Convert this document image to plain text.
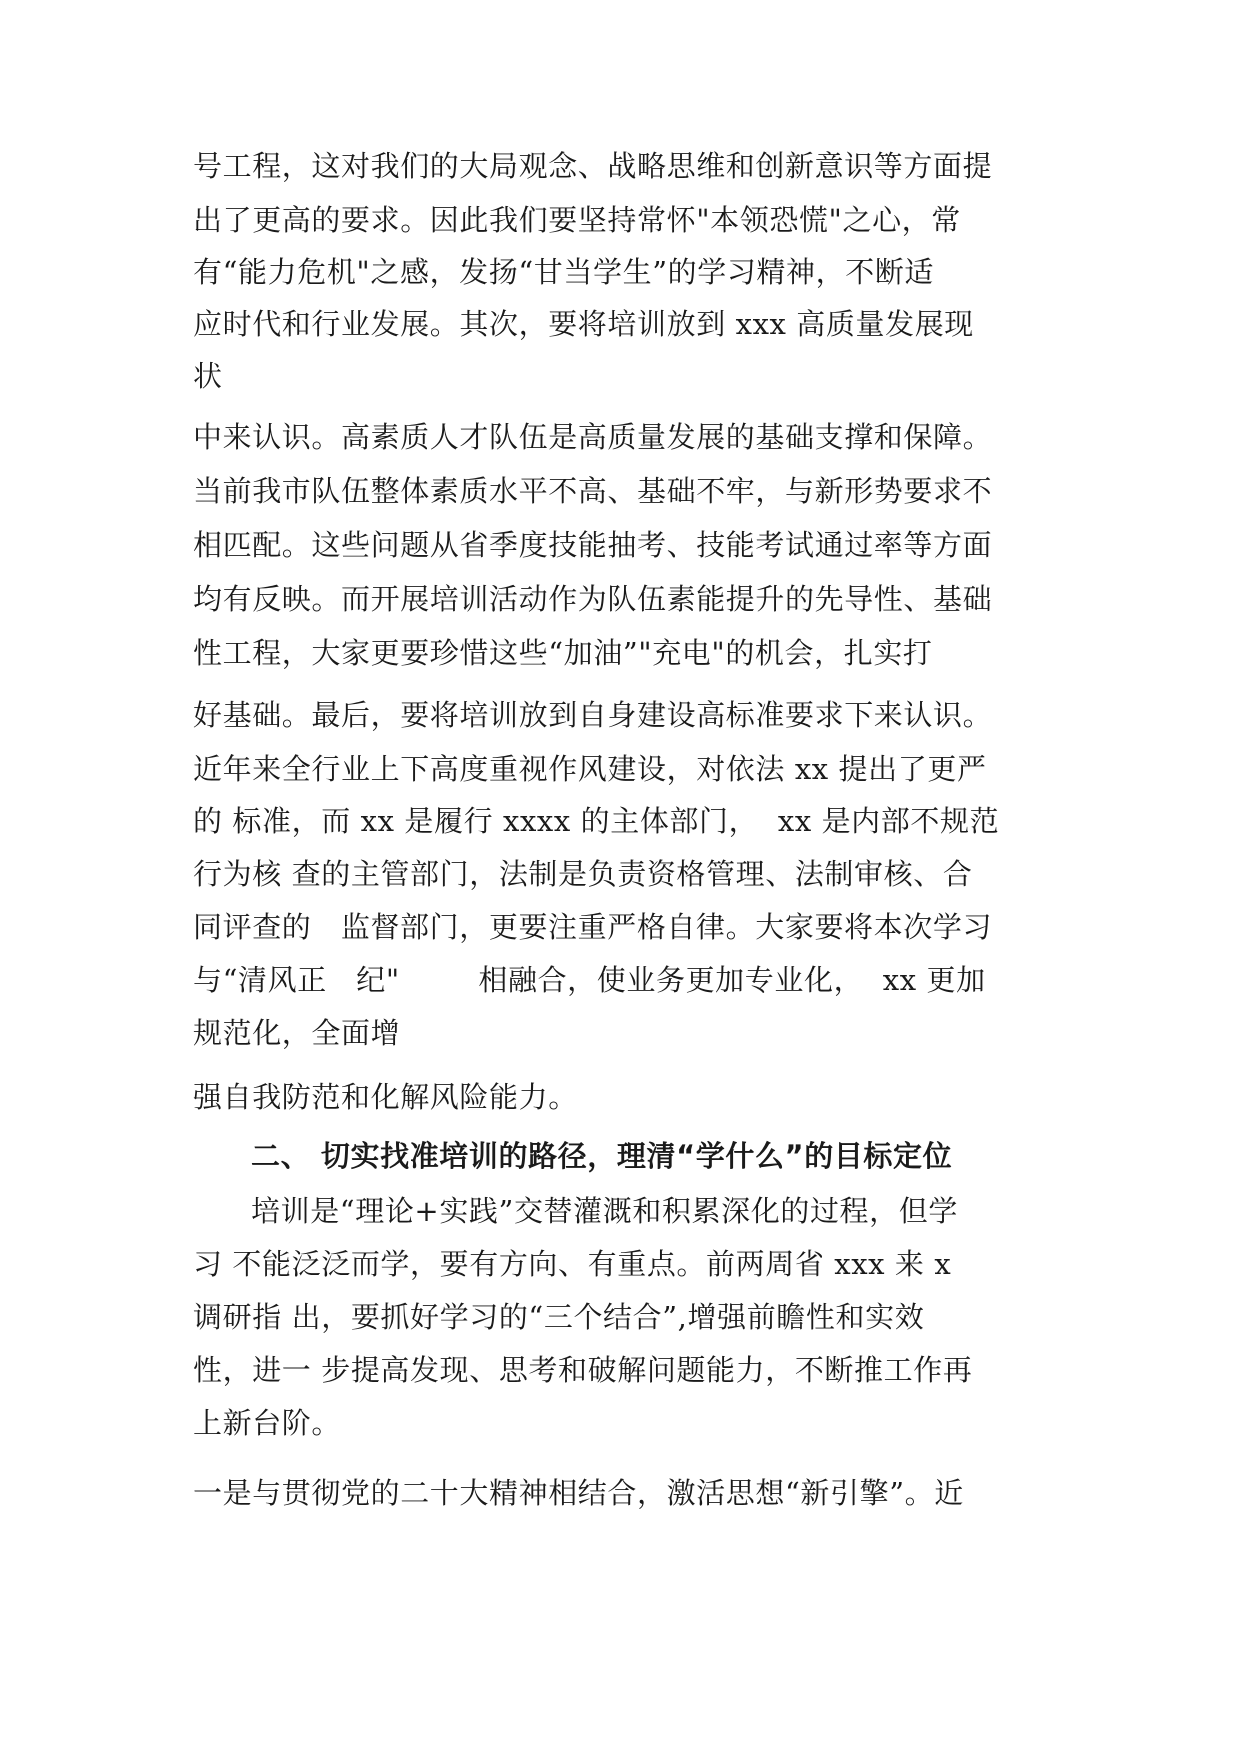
号工程，这对我们的大局观念、战略思维和创新意识等方面提
出了更高的要求。因此我们要坚持常怀"本领恐慌"之心，常
有“能力危机"之感，发扬“甘当学生”的学习精神，不断适
应时代和行业发展。其次，要将培训放到 xxx 高质量发展现
状
中来认识。高素质人才队伍是高质量发展的基础支撑和保障。
当前我市队伍整体素质水平不高、基础不牢，与新形势要求不
相匹配。这些问题从省季度技能抽考、技能考试通过率等方面
均有反映。而开展培训活动作为队伍素能提升的先导性、基础
性工程，大家更要珍惜这些“加油”"充电"的机会，扎实打
好基础。最后，要将培训放到自身建设高标准要求下来认识。
近年来全行业上下高度重视作风建设，对依法 xx 提出了更严
的 标准，而 xx 是履行 xxxx 的主体部门，  xx 是内部不规范
行为核 查的主管部门，法制是负责资格管理、法制审核、合
同评查的   监督部门，更要注重严格自律。大家要将本次学习
与“清风正   纪"        相融合，使业务更加专业化，  xx 更加
规范化，全面增
强自我防范和化解风险能力。
二、 切实找准培训的路径，理清“学什么”的目标定位
培训是“理论+实践”交替灌溉和积累深化的过程，但学
习 不能泛泛而学，要有方向、有重点。前两周省 xxx 来 x
调研指 出，要抓好学习的“三个结合”,增强前瞻性和实效
性，进一 步提高发现、思考和破解问题能力，不断推工作再
上新台阶。
一是与贯彻党的二十大精神相结合，激活思想“新引擎”。近
